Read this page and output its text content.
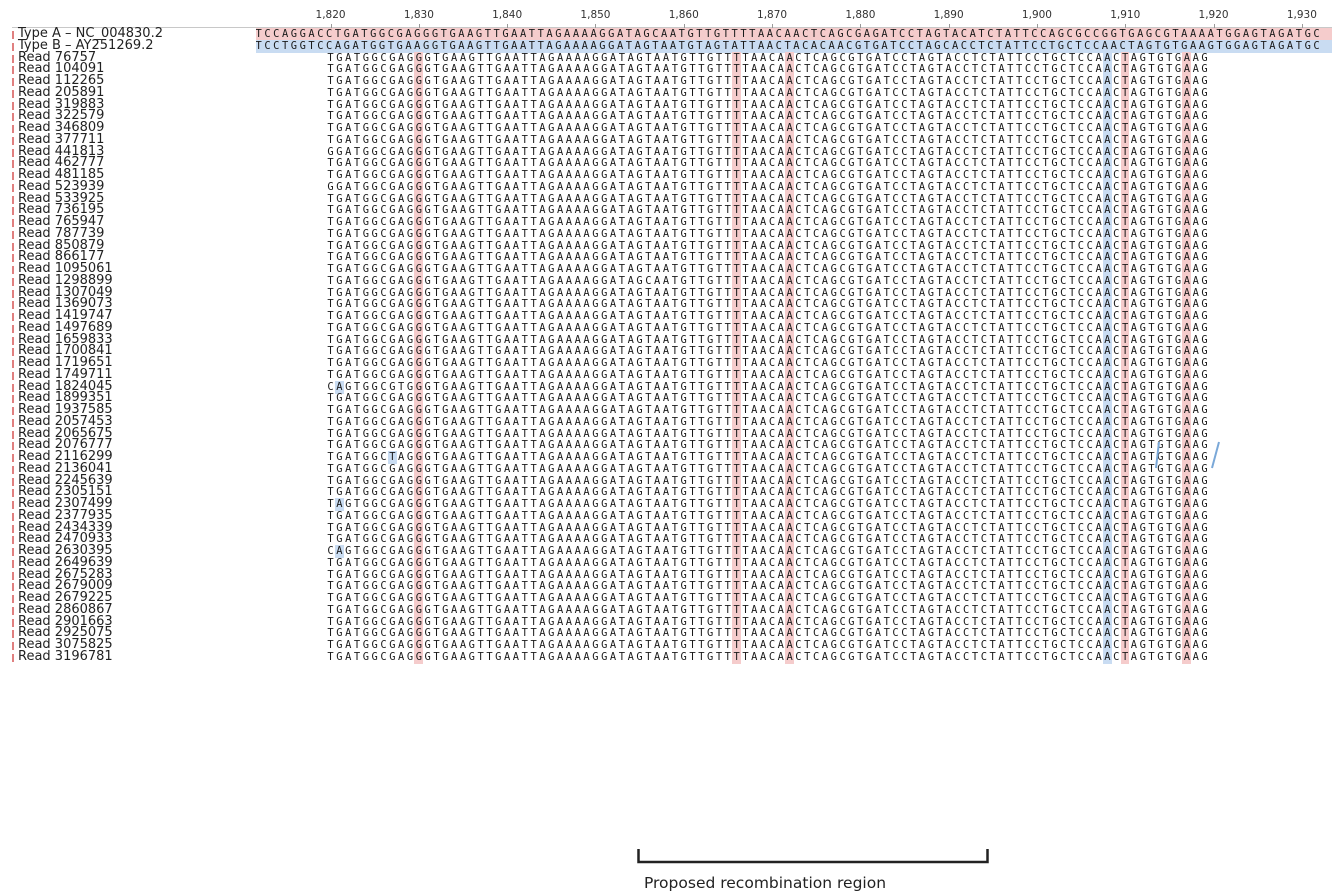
1,820	1,830	1,840	1,850	1,860	1,870	1,880	1,890	1,900	1,910	1,920	1,930
Type A – NC_004830.2	TCCAGGACCTGATGGCGAGGGTGAAGTTGAATTAGAAAAGGATAGCAATGTTGTTTTAACAACTCAGCGAGATCCTAGTACATCTATTCCAGCGCCGGTGAGCGTAAAATGGAGTAGATGC
Type B – AY251269.2	TCCTGGTCCAGATGGTGAAGGTGAAGTTGAATTAGAAAAGGATAGTAATGTAGTATTAACTACACAACGTGATCCTAGCACCTCTATTCCTGCTCCAACTAGTGTGAAGTGGAGTAGATGC
Read 76757	T G A T G G C G A G G G T G A A G T T G A A T T A G A A A A G G A T A G T A A T G T T G T T T T A A C A A C T C A G C G T G A T C C T A G T A C C T C T A T T C C T G C T C C A A C T A G T G T G A A G
Read 104091	T G A T G G C G A G G G T G A A G T T G A A T T A G A A A A G G A T A G T A A T G T T G T T T T A A C A A C T C A G C G T G A T C C T A G T A C C T C T A T T C C T G C T C C A A C T A G T G T G A A G
Read 112265	T G A T G G C G A G G G T G A A G T T G A A T T A G A A A A G G A T A G T A A T G T T G T T T T A A C A A C T C A G C G T G A T C C T A G T A C C T C T A T T C C T G C T C C A A C T A G T G T G A A G
Read 205891	T G A T G G C G A G G G T G A A G T T G A A T T A G A A A A G G A T A G T A A T G T T G T T T T A A C A A C T C A G C G T G A T C C T A G T A C C T C T A T T C C T G C T C C A A C T A G T G T G A A G
Read 319883	T G A T G G C G A G G G T G A A G T T G A A T T A G A A A A G G A T A G T A A T G T T G T T T T A A C A A C T C A G C G T G A T C C T A G T A C C T C T A T T C C T G C T C C A A C T A G T G T G A A G
Read 322579	T G A T G G C G A G G G T G A A G T T G A A T T A G A A A A G G A T A G T A A T G T T G T T T T A A C A A C T C A G C G T G A T C C T A G T A C C T C T A T T C C T G C T C C A A C T A G T G T G A A G
Read 346809	T G A T G G C G A G G G T G A A G T T G A A T T A G A A A A G G A T A G T A A T G T T G T T T T A A C A A C T C A G C G T G A T C C T A G T A C C T C T A T T C C T G C T C C A A C T A G T G T G A A G
Read 377711	T G A T G G C G A G G G T G A A G T T G A A T T A G A A A A G G A T A G T A A T G T T G T T T T A A C A A C T C A G C G T G A T C C T A G T A C C T C T A T T C C T G C T C C A A C T A G T G T G A A G
Read 441813	G G A T G G C G A G G G T G A A G T T G A A T T A G A A A A G G A T A G T A A T G T T G T T T T A A C A A C T C A G C G T G A T C C T A G T A C C T C T A T T C C T G C T C C A A C T A G T G T G A A G
Read 462777	T G A T G G C G A G G G T G A A G T T G A A T T A G A A A A G G A T A G T A A T G T T G T T T T A A C A A C T C A G C G T G A T C C T A G T A C C T C T A T T C C T G C T C C A A C T A G T G T G A A G
Read 481185	T G A T G G C G A G G G T G A A G T T G A A T T A G A A A A G G A T A G T A A T G T T G T T T T A A C A A C T C A G C G T G A T C C T A G T A C C T C T A T T C C T G C T C C A A C T A G T G T G A A G
Read 523939	G G A T G G C G A G G G T G A A G T T G A A T T A G A A A A G G A T A G T A A T G T T G T T T T A A C A A C T C A G C G T G A T C C T A G T A C C T C T A T T C C T G C T C C A A C T A G T G T G A A G
Read 533925	T G A T G G C G A G G G T G A A G T T G A A T T A G A A A A G G A T A G T A A T G T T G T T T T A A C A A C T C A G C G T G A T C C T A G T A C C T C T A T T C C T G C T C C A A C T A G T G T G A A G
Read 736195	T G A T G G C G A G G G T G A A G T T G A A T T A G A A A A G G A T A G T A A T G T T G T T T T A A C A A C T C A G C G T G A T C C T A G T A C C T C T A T T C C T G C T C C A A C T A G T G T G A A G
Read 765947	T G A T G G C G A G G G T G A A G T T G A A T T A G A A A A G G A T A G T A A T G T T G T T T T A A C A A C T C A G C G T G A T C C T A G T A C C T C T A T T C C T G C T C C A A C T A G T G T G A A G
Read 787739	T G A T G G C G A G G G T G A A G T T G A A T T A G A A A A G G A T A G T A A T G T T G T T T T A A C A A C T C A G C G T G A T C C T A G T A C C T C T A T T C C T G C T C C A A C T A G T G T G A A G
Read 850879	T G A T G G C G A G G G T G A A G T T G A A T T A G A A A A G G A T A G T A A T G T T G T T T T A A C A A C T C A G C G T G A T C C T A G T A C C T C T A T T C C T G C T C C A A C T A G T G T G A A G
Read 866177	T G A T G G C G A G G G T G A A G T T G A A T T A G A A A A G G A T A G T A A T G T T G T T T T A A C A A C T C A G C G T G A T C C T A G T A C C T C T A T T C C T G C T C C A A C T A G T G T G A A G
Read 1095061	T G A T G G C G A G G G T G A A G T T G A A T T A G A A A A G G A T A G T A A T G T T G T T T T A A C A A C T C A G C G T G A T C C T A G T A C C T C T A T T C C T G C T C C A A C T A G T G T G A A G
Read 1298899	T G A T G G C G A G G G T G A A G T T G A A T T A G A A A A G G A T A G C A A T G T T G T T T T A A C A A C T C A G C G T G A T C C T A G T A C C T C T A T T C C T G C T C C A A C T A G T G T G A A G
Read 1307049	T G A T G G C G A G G G T G A A G T T G A A T T A G A A A A G G A T A G T A A T G T T G T T T T A A C A A C T C A G C G T G A T C C T A G T A C C T C T A T T C C T G C T C C A A C T A G T G T G A A G
Read 1369073	T G A T G G C G A G G G T G A A G T T G A A T T A G A A A A G G A T A G T A A T G T T G T T T T A A C A A C T C A G C G T G A T C C T A G T A C C T C T A T T C C T G C T C C A A C T A G T G T G A A G
Read 1419747	T G A T G G C G A G G G T G A A G T T G A A T T A G A A A A G G A T A G T A A T G T T G T T T T A A C A A C T C A G C G T G A T C C T A G T A C C T C T A T T C C T G C T C C A A C T A G T G T G A A G
Read 1497689	T G A T G G C G A G G G T G A A G T T G A A T T A G A A A A G G A T A G T A A T G T T G T T T T A A C A A C T C A G C G T G A T C C T A G T A C C T C T A T T C C T G C T C C A A C T A G T G T G A A G
Read 1659833	T G A T G G C G A G G G T G A A G T T G A A T T A G A A A A G G A T A G T A A T G T T G T T T T A A C A A C T C A G C G T G A T C C T A G T A C C T C T A T T C C T G C T C C A A C T A G T G T G A A G
Read 1700841	T G A T G G C G A G G G T G A A G T T G A A T T A G A A A A G G A T A G T A A T G T T G T T T T A A C A A C T C A G C G T G A T C C T A G T A C C T C T A T T C C T G C T C C A A C T A G T G T G A A G
Read 1719651	T G A T G G C G A G G G T G A A G T T G A A T T A G A A A A G G A T A G T A A T G T T G T T T T A A C A A C T C A G C G T G A T C C T A G T A C C T C T A T T C C T G C T C C A A C T A G T G T G A A G
Read 1749711	T G A T G G C G A G G G T G A A G T T G A A T T A G A A A A G G A T A G T A A T G T T G T T T T A A C A A C T C A G C G T G A T C C T A G T A C C T C T A T T C C T G C T C C A A C T A G T G T G A A G
Read 1824045	C A G T G G C G T G G G T G A A G T T G A A T T A G A A A A G G A T A G T A A T G T T G T T T T A A C A A C T C A G C G T G A T C C T A G T A C C T C T A T T C C T G C T C C A A C T A G T G T G A A G
Read 1899351	T G A T G G C G A G G G T G A A G T T G A A T T A G A A A A G G A T A G T A A T G T T G T T T T A A C A A C T C A G C G T G A T C C T A G T A C C T C T A T T C C T G C T C C A A C T A G T G T G A A G
Read 1937585	T G A T G G C G A G G G T G A A G T T G A A T T A G A A A A G G A T A G T A A T G T T G T T T T A A C A A C T C A G C G T G A T C C T A G T A C C T C T A T T C C T G C T C C A A C T A G T G T G A A G
Read 2057453	T G A T G G C G A G G G T G A A G T T G A A T T A G A A A A G G A T A G T A A T G T T G T T T T A A C A A C T C A G C G T G A T C C T A G T A C C T C T A T T C C T G C T C C A A C T A G T G T G A A G
Read 2065675	T G A T G G C G A G G G T G A A G T T G A A T T A G A A A A G G A T A G T A A T G T T G T T T T A A C A A C T C A G C G T G A T C C T A G T A C C T C T A T T C C T G C T C C A A C T A G T G T G A A G
Read 2076777	T G A T G G C G A G G G T G A A G T T G A A T T A G A A A A G G A T A G T A A T G T T G T T T T A A C A A C T C A G C G T G A T C C T A G T A C C T C T A T T C C T G C T C C A A C T A G T G T G A A G
Read 2116299	T G A T G G C T A G G G T G A A G T T G A A T T A G A A A A G G A T A G T A A T G T T G T T T T A A C A A C T C A G C G T G A T C C T A G T A C C T C T A T T C C T G C T C C A A C T A G T G T G A A G
Read 2136041	T G A T G G C G A G G G T G A A G T T G A A T T A G A A A A G G A T A G T A A T G T T G T T T T A A C A A C T C A G C G T G A T C C T A G T A C C T C T A T T C C T G C T C C A A C T A G T G T G A A G
Read 2245639	T G A T G G C G A G G G T G A A G T T G A A T T A G A A A A G G A T A G T A A T G T T G T T T T A A C A A C T C A G C G T G A T C C T A G T A C C T C T A T T C C T G C T C C A A C T A G T G T G A A G
Read 2305151	T G A T G G C G A G G G T G A A G T T G A A T T A G A A A A G G A T A G T A A T G T T G T T T T A A C A A C T C A G C G T G A T C C T A G T A C C T C T A T T C C T G C T C C A A C T A G T G T G A A G
Read 2307499	T A G T G G C G A G G G T G A A G T T G A A T T A G A A A A G G A T A G T A A T G T T G T T T T A A C A A C T C A G C G T G A T C C T A G T A C C T C T A T T C C T G C T C C A A C T A G T G T G A A G
Read 2377935	T G A T G G C G A G G G T G A A G T T G A A T T A G A A A A G G A T A G T A A T G T T G T T T T A A C A A C T C A G C G T G A T C C T A G T A C C T C T A T T C C T G C T C C A A C T A G T G T G A A G
Read 2434339	T G A T G G C G A G G G T G A A G T T G A A T T A G A A A A G G A T A G T A A T G T T G T T T T A A C A A C T C A G C G T G A T C C T A G T A C C T C T A T T C C T G C T C C A A C T A G T G T G A A G
Read 2470933	T G A T G G C G A G G G T G A A G T T G A A T T A G A A A A G G A T A G T A A T G T T G T T T T A A C A A C T C A G C G T G A T C C T A G T A C C T C T A T T C C T G C T C C A A C T A G T G T G A A G
Read 2630395	C A G T G G C G A G G G T G A A G T T G A A T T A G A A A A G G A T A G T A A T G T T G T T T T A A C A A C T C A G C G T G A T C C T A G T A C C T C T A T T C C T G C T C C A A C T A G T G T G A A G
Read 2649639	T G A T G G C G A G G G T G A A G T T G A A T T A G A A A A G G A T A G T A A T G T T G T T T T A A C A A C T C A G C G T G A T C C T A G T A C C T C T A T T C C T G C T C C A A C T A G T G T G A A G
Read 2675283	T G A T G G C G A G G G T G A A G T T G A A T T A G A A A A G G A T A G T A A T G T T G T T T T A A C A A C T C A G C G T G A T C C T A G T A C C T C T A T T C C T G C T C C A A C T A G T G T G A A G
Read 2679009	T G A T G G C G A G G G T G A A G T T G A A T T A G A A A A G G A T A G T A A T G T T G T T T T A A C A A C T C A G C G T G A T C C T A G T A C C T C T A T T C C T G C T C C A A C T A G T G T G A A G
Read 2679225	T G A T G G C G A G G G T G A A G T T G A A T T A G A A A A G G A T A G T A A T G T T G T T T T A A C A A C T C A G C G T G A T C C T A G T A C C T C T A T T C C T G C T C C A A C T A G T G T G A A G
Read 2860867	T G A T G G C G A G G G T G A A G T T G A A T T A G A A A A G G A T A G T A A T G T T G T T T T A A C A A C T C A G C G T G A T C C T A G T A C C T C T A T T C C T G C T C C A A C T A G T G T G A A G
Read 2901663	T G A T G G C G A G G G T G A A G T T G A A T T A G A A A A G G A T A G T A A T G T T G T T T T A A C A A C T C A G C G T G A T C C T A G T A C C T C T A T T C C T G C T C C A A C T A G T G T G A A G
Read 2925075	T G A T G G C G A G G G T G A A G T T G A A T T A G A A A A G G A T A G T A A T G T T G T T T T A A C A A C T C A G C G T G A T C C T A G T A C C T C T A T T C C T G C T C C A A C T A G T G T G A A G
Read 3075825	T G A T G G C G A G G G T G A A G T T G A A T T A G A A A A G G A T A G T A A T G T T G T T T T A A C A A C T C A G C G T G A T C C T A G T A C C T C T A T T C C T G C T C C A A C T A G T G T G A A G
Read 3196781	T G A T G G C G A G G G T G A A G T T G A A T T A G A A A A G G A T A G T A A T G T T G T T T T A A C A A C T C A G C G T G A T C C T A G T A C C T C T A T T C C T G C T C C A A C T A G T G T G A A G
Proposed recombination region
